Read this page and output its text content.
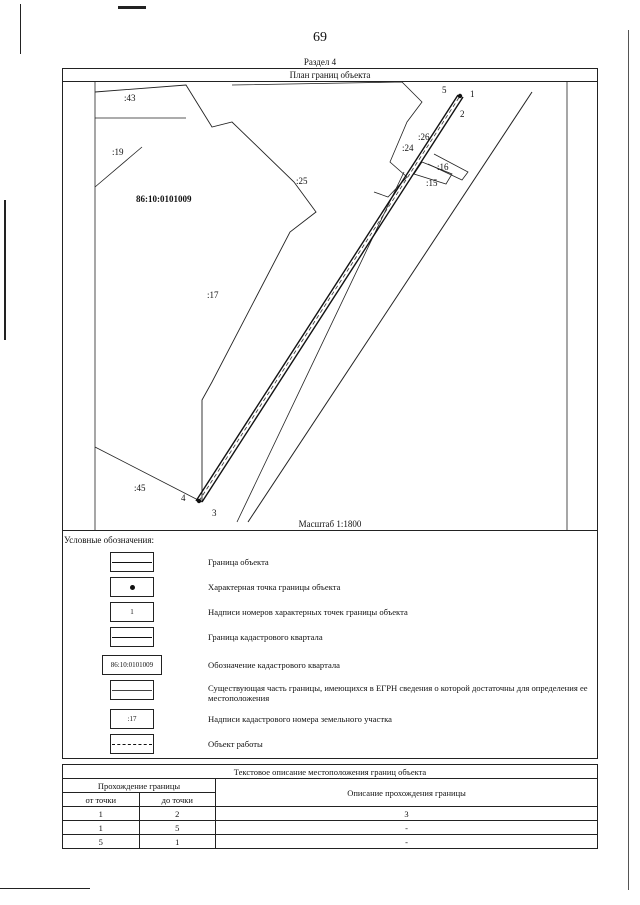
69
Раздел 4
План границ объекта
:43
:19
86:10:0101009
:25
:17
:45
:24
:26
:16
:15
5	1
2
4
3
Масштаб 1:1800
Условные обозначения:
Граница объекта
Характерная точка границы объекта
1	Надписи номеров характерных точек границы объекта
Граница кадастрового квартала
86:10:0101009	Обозначение кадастрового квартала
Существующая часть границы, имеющихся в ЕГРН сведения о которой достаточны для определения ее местоположения
:17	Надписи кадастрового номера земельного участка
Объект работы
Текстовое описание местоположения границ объекта		
Прохождение границы		Описание прохождения границы
от точки	до точки	
1	2	3
1	5	-
5	1	-
